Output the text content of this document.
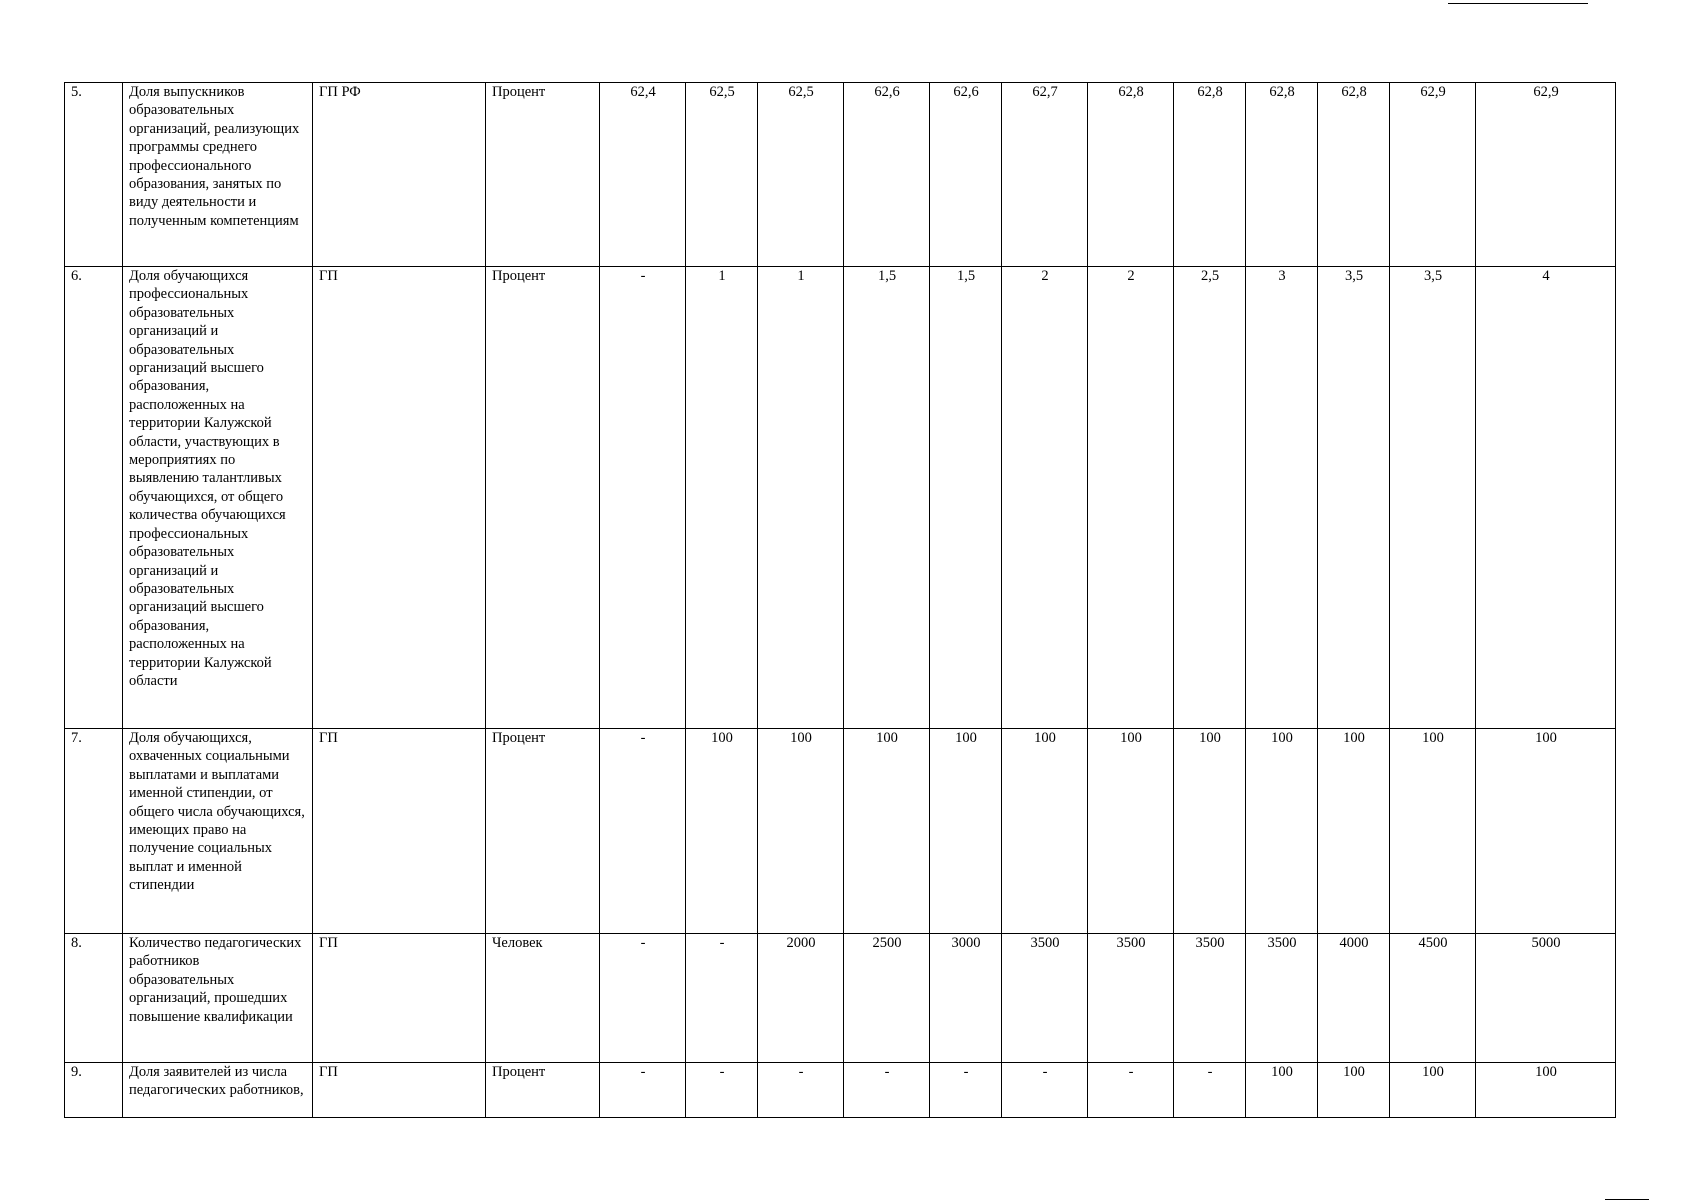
5.	Доля выпускников образовательных организаций, реализующих программы среднего профессионального образования, занятых по виду деятельности и полученным компетенциям	ГП РФ	Процент	62,4	62,5	62,5	62,6	62,6	62,7	62,8	62,8	62,8	62,8	62,9	62,9
6.	Доля обучающихся профессиональных образовательных организаций и образовательных организаций высшего образования, расположенных на территории Калужской области, участвующих в мероприятиях по выявлению талантливых обучающихся, от общего количества обучающихся профессиональных образовательных организаций и образовательных организаций высшего образования, расположенных на территории Калужской области	ГП	Процент	-	1	1	1,5	1,5	2	2	2,5	3	3,5	3,5	4
7.	Доля обучающихся, охваченных социальными выплатами и выплатами именной стипендии, от общего числа обучающихся, имеющих право на получение социальных выплат и именной стипендии	ГП	Процент	-	100	100	100	100	100	100	100	100	100	100	100
8.	Количество педагогических работников образовательных организаций, прошедших повышение квалификации	ГП	Человек	-	-	2000	2500	3000	3500	3500	3500	3500	4000	4500	5000
9.	Доля заявителей из числа педагогических работников,	ГП	Процент	-	-	-	-	-	-	-	-	100	100	100	100
